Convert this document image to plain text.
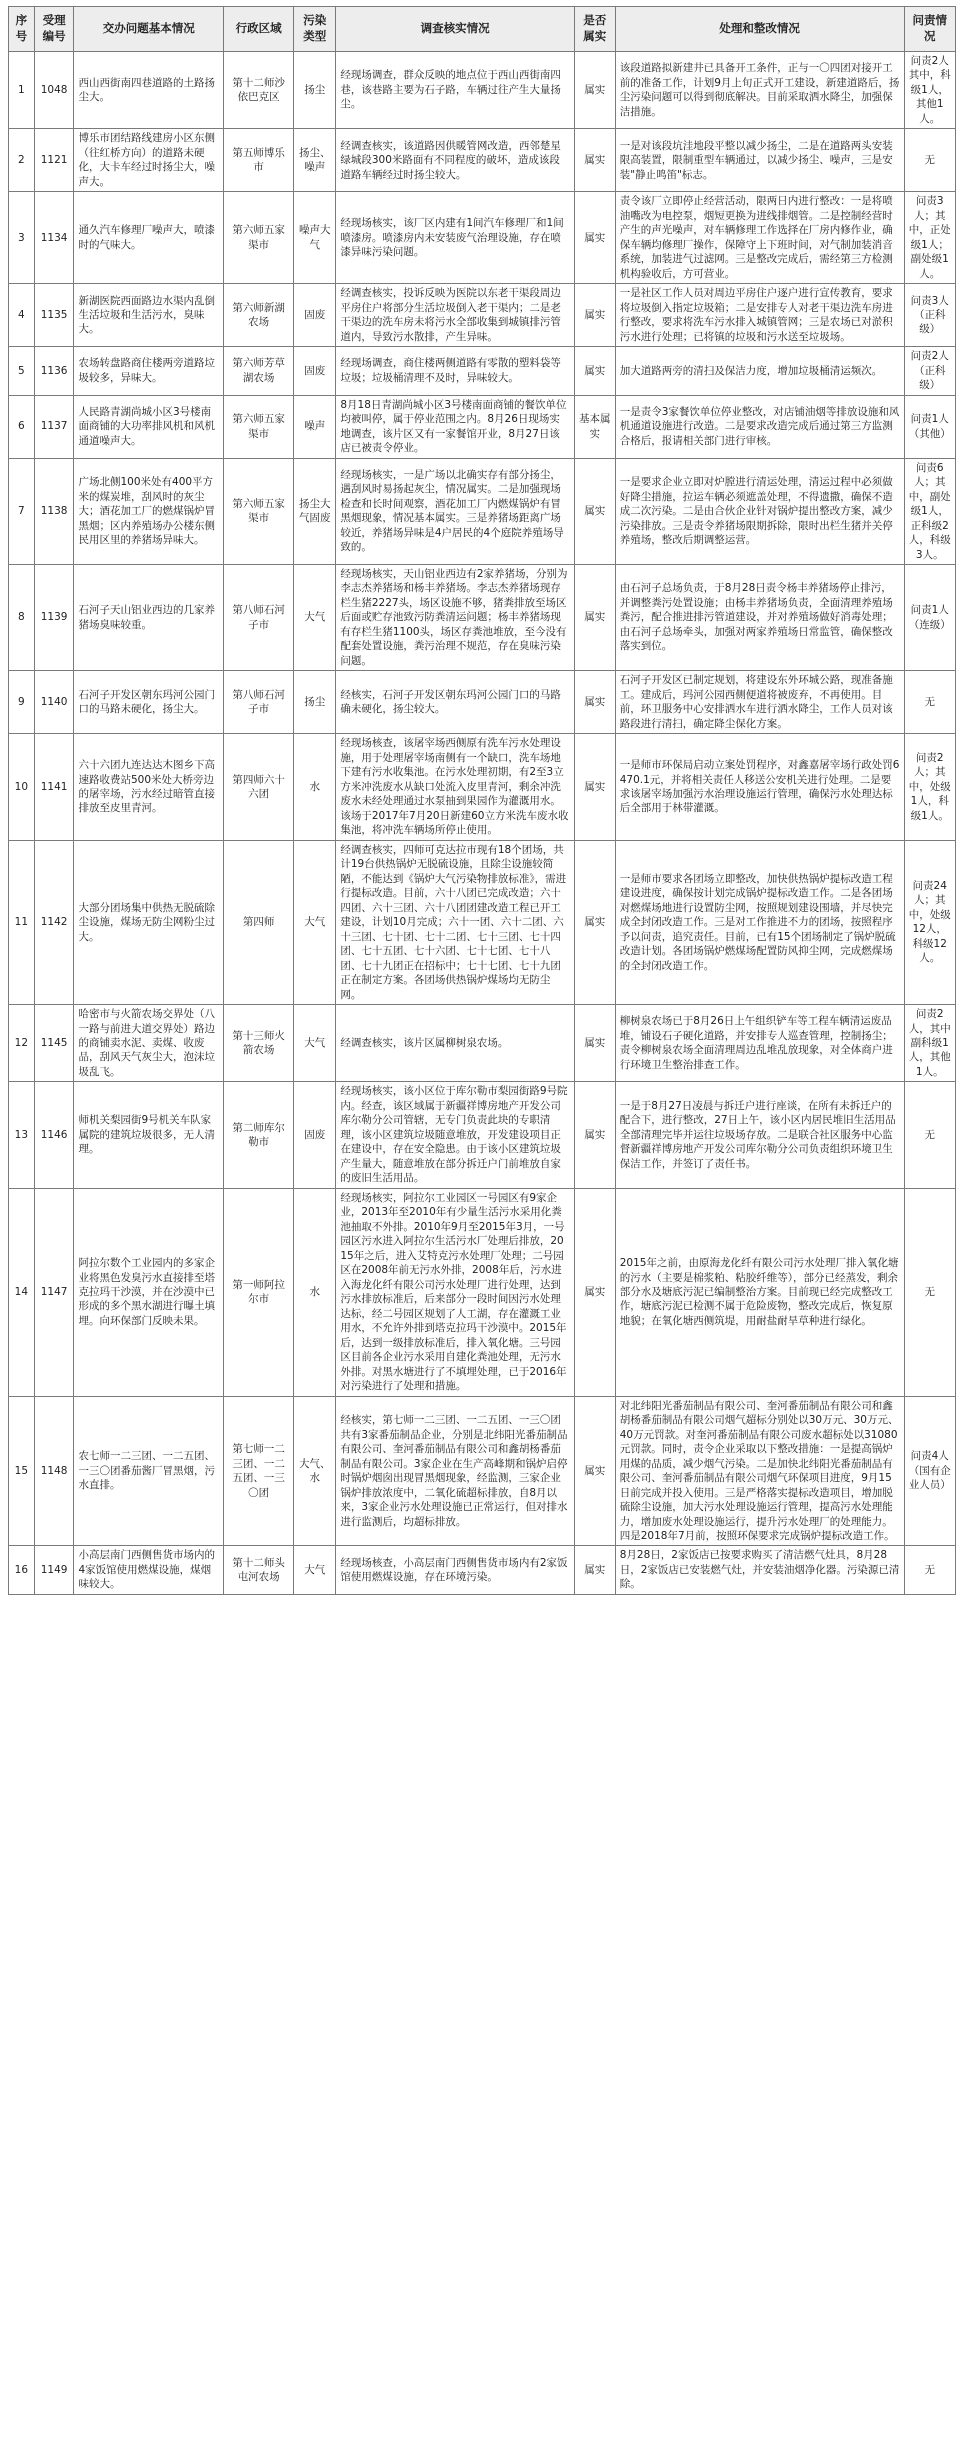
序号	受理编号	交办问题基本情况	行政区域	污染类型	调查核实情况	是否属实	处理和整改情况	问责情况
1	1048	西山西街南四巷道路的土路扬尘大。	第十二师沙依巴克区	扬尘	经现场调查，群众反映的地点位于西山西街南四巷，该巷路主要为石子路，车辆过往产生大量扬尘。	属实	该段道路拟新建井已具备开工条件，正与一〇四团对接开工前的准备工作，计划9月上旬正式开工建设，新建道路后，扬尘污染问题可以得到彻底解决。目前采取洒水降尘，加强保洁措施。	问责2人其中，科级1人，其他1人。
2	1121	博乐市团结路线建房小区东侧（往红桥方向）的道路未硬化，大卡车经过时扬尘大，噪声大。	第五师博乐市	扬尘、噪声	经调查核实，该道路因供暖管网改造，西邻楚星绿城段300米路面有不同程度的破坏，造成该段道路车辆经过时扬尘较大。	属实	一是对该段坑洼地段平整以减少扬尘，二是在道路两头安装限高装置，限制重型车辆通过，以减少扬尘、噪声，三是安装"静止鸣笛"标志。	无
3	1134	通久汽车修理厂噪声大，喷漆时的气味大。	第六师五家渠市	噪声大气	经现场核实，该厂区内建有1间汽车修理厂和1间喷漆房。喷漆房内未安装废气治理设施，存在喷漆异味污染问题。	属实	责令该厂立即停止经营活动，限两日内进行整改：一是将喷油嘴改为电控泵，烟短更换为进线排烟管。二是控制经营时产生的声光噪声，对车辆修理工作选择在厂房内修作业，确保车辆均修理厂操作，保障守上下班时间，对气制加装消音系统，加装进气过滤网。三是整改完成后，需经第三方检测机构验收后，方可营业。	问责3人；其中，正处级1人；副处级1人。
4	1135	新湖医院西面路边水渠内乱倒生活垃圾和生活污水，臭味大。	第六师新湖农场	固废	经调查核实，投诉反映为医院以东老干渠段周边平房住户将部分生活垃圾倒入老干渠内；二是老干渠边的洗车房未将污水全部收集到城镇排污管道内，导致污水散排，产生异味。	属实	一是社区工作人员对周边平房住户逐户进行宣传教育，要求将垃圾倒入指定垃圾箱；二是安排专人对老干渠边洗车房进行整改，要求将洗车污水排入城镇管网；三是农场已对淤积污水进行处理；已将镇的垃圾和污水送至垃圾场。	问责3人（正科级）
5	1136	农场转盘路商住楼两旁道路垃圾较多，异味大。	第六师芳草湖农场	固废	经现场调查，商住楼两侧道路有零散的塑料袋等垃圾；垃圾桶清理不及时，异味较大。	属实	加大道路两旁的清扫及保洁力度，增加垃圾桶清运频次。	问责2人（正科级）
6	1137	人民路青湖尚城小区3号楼南面商铺的大功率排风机和风机通道噪声大。	第六师五家渠市	噪声	8月18日青湖尚城小区3号楼南面商铺的餐饮单位均被叫停，属于停业范围之内。8月26日现场实地调查，该片区又有一家餐馆开业，8月27日该店已被责令停业。	基本属实	一是责令3家餐饮单位停业整改，对店铺油烟等排放设施和风机通道设施进行改造。二是要求改造完成后通过第三方监测合格后，报请相关部门进行审核。	问责1人（其他）
7	1138	广场北侧100米处有400平方米的煤炭堆，刮风时的灰尘大；酒花加工厂的燃煤锅炉冒黑烟；区内养殖场办公楼东侧民用区里的养猪场异味大。	第六师五家渠市	扬尘大气固废	经现场核实，一是广场以北确实存有部分扬尘，遇刮风时易扬起灰尘，情况属实。二是加强现场检查和长时间观察，酒花加工厂内燃煤锅炉有冒黑烟现象，情况基本属实。三是养猪场距离广场较近，养猪场异味是4户居民的4个庭院养殖场导致的。	属实	一是要求企业立即对炉膛进行清运处理，清运过程中必须做好降尘措施，拉运车辆必须遮盖处理，不得遗撒，确保不造成二次污染。二是由合伙企业针对锅炉提出整改方案，减少污染排放。三是责令养猪场限期拆除，限时出栏生猪并关停养殖场，整改后期调整运营。	问责6人；其中，副处级1人，正科级2人，科级3人。
8	1139	石河子天山铝业西边的几家养猪场臭味较重。	第八师石河子市	大气	经现场核实，天山铝业西边有2家养猪场，分别为李志杰养猪场和杨丰养猪场。李志杰养猪场现存栏生猪2227头，场区设施不够，猪粪排放至场区后面或贮存池致污防粪清运问题；杨丰养猪场现有存栏生猪1100头，场区存粪池堆放，至今没有配套处置设施，粪污治理不规范，存在臭味污染问题。	属实	由石河子总场负责，于8月28日责令杨丰养猪场停止排污，并调整粪污处置设施；由杨丰养猪场负责，全面清理养殖场粪污，配合推进排污管道建设，并对养殖场做好消毒处理；由石河子总场牵头，加强对两家养殖场日常监管，确保整改落实到位。	问责1人（连级）
9	1140	石河子开发区朝东玛河公园门口的马路未硬化，扬尘大。	第八师石河子市	扬尘	经核实，石河子开发区朝东玛河公园门口的马路确未硬化，扬尘较大。	属实	石河子开发区已制定规划，将建设东外环城公路，现准备施工。建成后，玛河公园西侧便道将被废弃，不再使用。目前，环卫服务中心安排洒水车进行洒水降尘，工作人员对该路段进行清扫，确定降尘保化方案。	无
10	1141	六十六团九连达达木图乡下高速路收费站500米处大桥旁边的屠宰场，污水经过暗管直接排放至皮里青河。	第四师六十六团	水	经现场核查，该屠宰场西侧原有洗车污水处理设施，用于处理屠宰场南侧有一个缺口，洗车场地下建有污水收集池。在污水处理初期，有2至3立方米冲洗废水从缺口处流入皮里青河，剩余冲洗废水未经处理通过水泵抽到果园作为灌溉用水。该场于2017年7月20日新建60立方米洗车废水收集池，将冲洗车辆场所停止使用。	属实	一是师市环保局启动立案处罚程序，对鑫嘉屠宰场行政处罚6470.1元，并将相关责任人移送公安机关进行处理。二是要求该屠宰场加强污水治理设施运行管理，确保污水处理达标后全部用于林带灌溉。	问责2人；其中，处级1人，科级1人。
11	1142	大部分团场集中供热无脱硫除尘设施，煤场无防尘网粉尘过大。	第四师	大气	经调查核实，四师可克达拉市现有18个团场，共计19台供热锅炉无脱硫设施，且除尘设施较简陋，不能达到《锅炉大气污染物排放标准》，需进行提标改造。目前，六十八团已完成改造；六十四团、六十三团、六十八团团建改造工程已开工建设，计划10月完成；六十一团、六十二团、六十三团、七十团、七十二团、七十三团、七十四团、七十五团、七十六团、七十七团、七十八团、七十九团正在招标中；七十七团、七十九团正在制定方案。各团场供热锅炉煤场均无防尘网。	属实	一是师市要求各团场立即整改，加快供热锅炉提标改造工程建设进度，确保按计划完成锅炉提标改造工作。二是各团场对燃煤场地进行设置防尘网，按照规划建设围墙，并尽快完成全封闭改造工作。三是对工作推进不力的团场，按照程序予以问责，追究责任。目前，已有15个团场制定了锅炉脱硫改造计划。各团场锅炉燃煤场配置防风抑尘网，完成燃煤场的全封闭改造工作。	问责24人；其中，处级12人，科级12人。
12	1145	哈密市与火箭农场交界处（八一路与前进大道交界处）路边的商铺卖水泥、卖煤、收废品，刮风天气灰尘大，泡沫垃圾乱飞。	第十三师火箭农场	大气	经调查核实，该片区属柳树泉农场。	属实	柳树泉农场已于8月26日上午组织铲车等工程车辆清运废品堆，铺设石子硬化道路，并安排专人巡查管理，控制扬尘；责令柳树泉农场全面清理周边乱堆乱放现象，对全体商户进行环境卫生整治排查工作。	问责2人，其中副科级1人，其他1人。
13	1146	师机关梨园街9号机关车队家属院的建筑垃圾很多，无人清理。	第二师库尔勒市	固废	经现场核实，该小区位于库尔勒市梨园街路9号院内。经查，该区域属于新疆祥博房地产开发公司库尔勒分公司管辖，无专门负责此块的专职清理，该小区建筑垃圾随意堆放，开发建设项目正在建设中，存在安全隐患。由于该小区建筑垃圾产生量大，随意堆放在部分拆迁户门前堆放自家的废旧生活用品。	属实	一是于8月27日凌晨与拆迁户进行座谈，在所有未拆迁户的配合下，进行整改，27日上午，该小区内居民堆旧生活用品全部清理完毕并运往垃圾场存放。二是联合社区服务中心监督新疆祥博房地产开发公司库尔勒分公司负责组织环境卫生保洁工作，并签订了责任书。	无
14	1147	阿拉尔数个工业园内的多家企业将黑色发臭污水直接排至塔克拉玛干沙漠，并在沙漠中已形成的多个黑水湖进行曝土填埋。向环保部门反映未果。	第一师阿拉尔市	水	经现场核实，阿拉尔工业园区一号园区有9家企业，2013年至2010年有少量生活污水采用化粪池抽取不外排。2010年9月至2015年3月，一号园区污水进入阿拉尔生活污水厂处理后排放，2015年之后，进入艾特克污水处理厂处理；二号园区在2008年前无污水外排，2008年后，污水进入海龙化纤有限公司污水处理厂进行处理，达到污水排放标准后，后来部分一段时间因污水处理达标，经二号园区规划了人工湖，存在灌溉工业用水，不允许外排到塔克拉玛干沙漠中。2015年后，达到一级排放标准后，排入氧化塘。三号园区目前各企业污水采用自建化粪池处理，无污水外排。对黑水塘进行了不填埋处理，已于2016年对污染进行了处理和措施。	属实	2015年之前，由原海龙化纤有限公司污水处理厂排入氧化塘的污水（主要是棉浆粕、粘胶纤维等），部分已经蒸发，剩余部分水及塘底污泥已编制整治方案。目前现已经完成整改工作，塘底污泥已检测不属于危险废物，整改完成后，恢复原地貌；在氧化塘西侧筑堤，用耐盐耐旱草种进行绿化。	无
15	1148	农七师一二三团、一二五团、一三〇团番茄酱厂冒黑烟，污水直排。	第七师一二三团、一二五团、一三〇团	大气、水	经核实，第七师一二三团、一二五团、一三〇团共有3家番茄制品企业，分别是北纬阳光番茄制品有限公司、奎河番茄制品有限公司和鑫胡杨番茄制品有限公司。3家企业在生产高峰期和锅炉启停时锅炉烟囱出现冒黑烟现象，经监测，三家企业锅炉排放浓度中，二氧化硫超标排放，自8月以来，3家企业污水处理设施已正常运行，但对排水进行监测后，均超标排放。	属实	对北纬阳光番茄制品有限公司、奎河番茄制品有限公司和鑫胡杨番茄制品有限公司烟气超标分别处以30万元、30万元、40万元罚款。对奎河番茄制品有限公司废水超标处以31080元罚款。同时，责令企业采取以下整改措施：一是提高锅炉用煤的品质，减少烟气污染。二是加快北纬阳光番茄制品有限公司、奎河番茄制品有限公司烟气环保项目进度，9月15日前完成并投入使用。三是严格落实提标改造项目，增加脱硫除尘设施，加大污水处理设施运行管理，提高污水处理能力，增加废水处理设施运行，提升污水处理厂的处理能力。四是2018年7月前，按照环保要求完成锅炉提标改造工作。	问责4人（国有企业人员）
16	1149	小高层南门西侧售货市场内的4家饭馆使用燃煤设施，煤烟味较大。	第十二师头屯河农场	大气	经现场核查，小高层南门西侧售货市场内有2家饭馆使用燃煤设施，存在环境污染。	属实	8月28日，2家饭店已按要求购买了清洁燃气灶具，8月28日，2家饭店已安装燃气灶，并安装油烟净化器。污染源已清除。	无
